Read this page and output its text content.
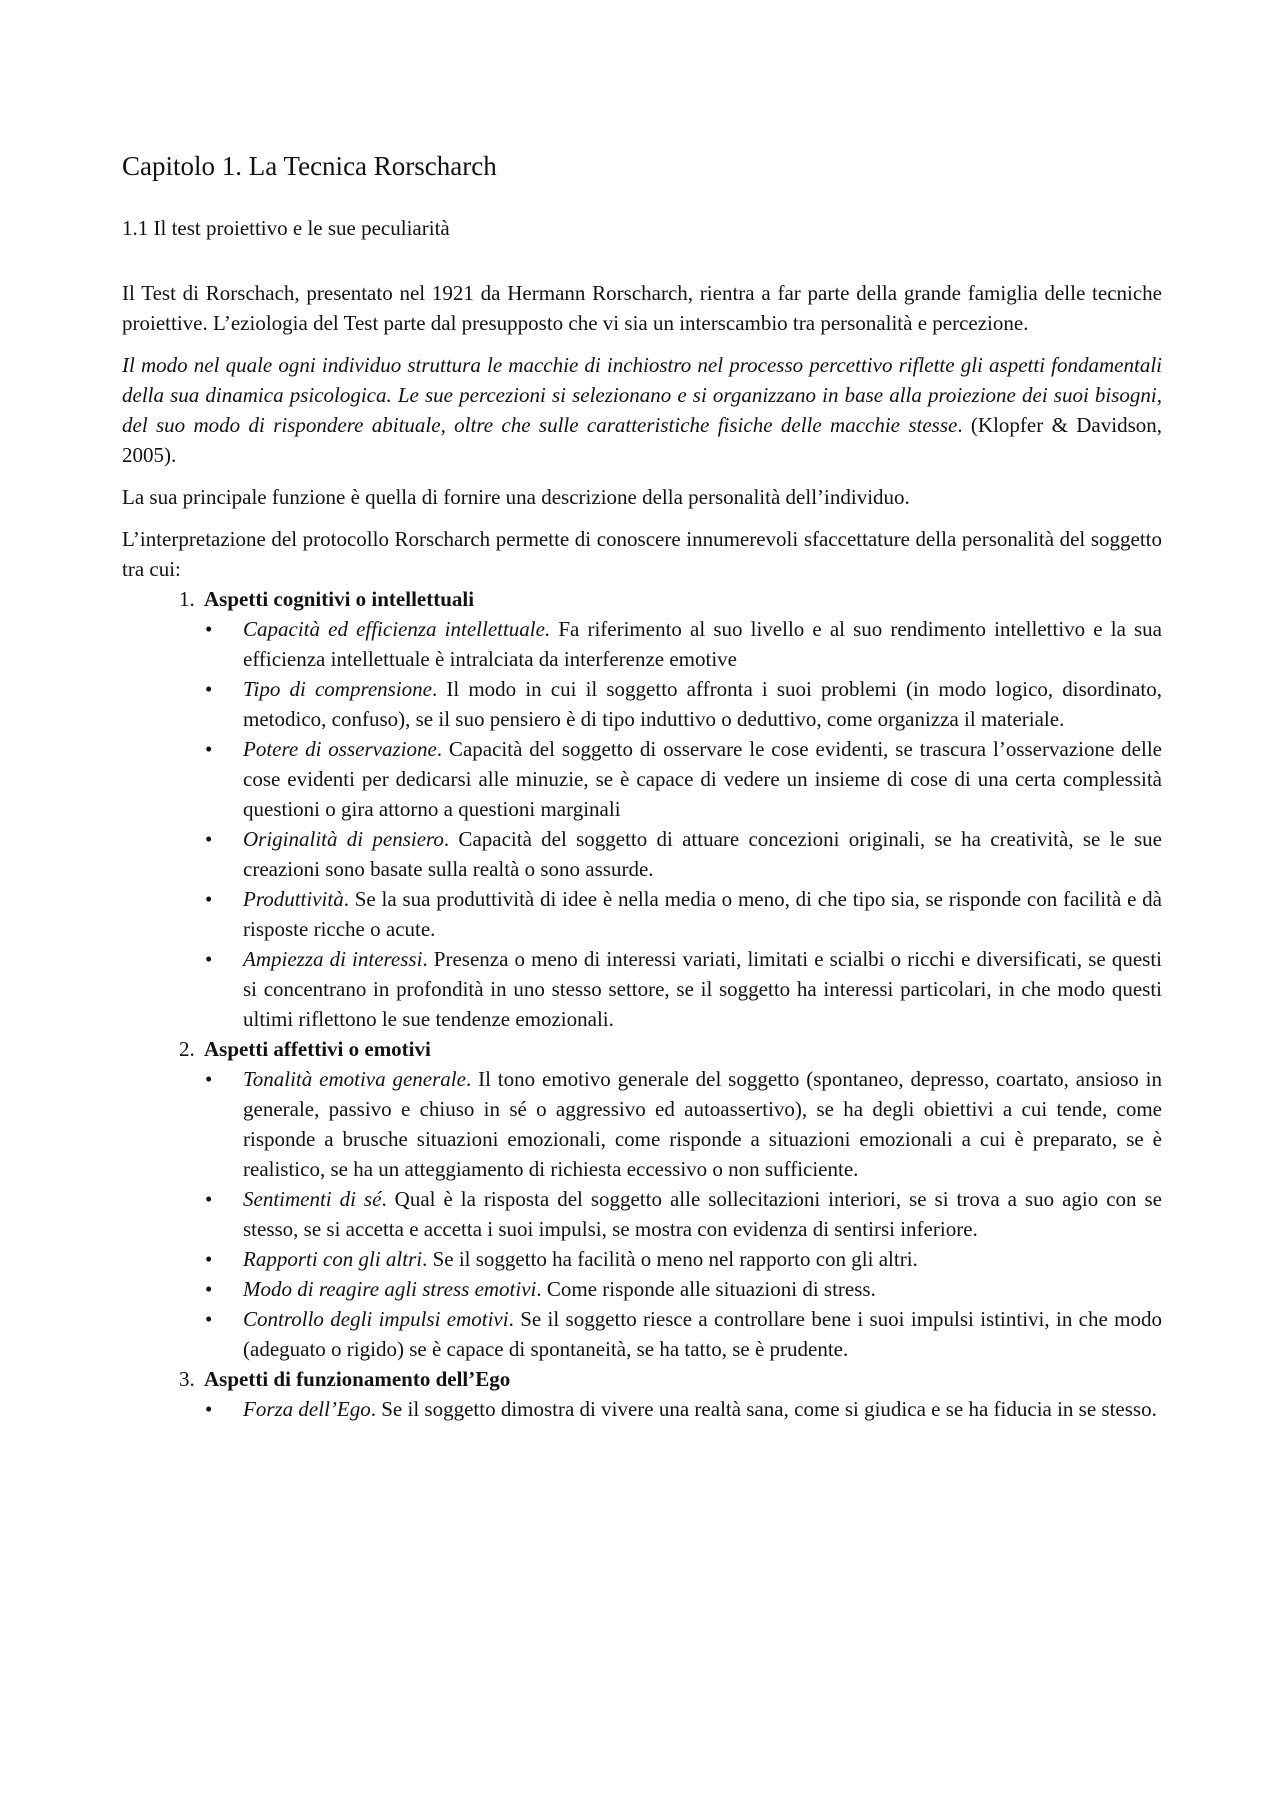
Capitolo 1. La Tecnica Rorscharch
1.1 Il test proiettivo e le sue peculiarità

Il Test di Rorschach, presentato nel 1921 da Hermann Rorscharch, rientra a far parte della grande famiglia delle tecniche proiettive. L’eziologia del Test parte dal presupposto che vi sia un interscambio tra personalità e percezione.

Il modo nel quale ogni individuo struttura le macchie di inchiostro nel processo percettivo riflette gli aspetti fondamentali della sua dinamica psicologica. Le sue percezioni si selezionano e si organizzano in base alla proiezione dei suoi bisogni, del suo modo di rispondere abituale, oltre che sulle caratteristiche fisiche delle macchie stesse. (Klopfer & Davidson, 2005).

La sua principale funzione è quella di fornire una descrizione della personalità dell’individuo.

L’interpretazione del protocollo Rorscharch permette di conoscere innumerevoli sfaccettature della personalità del soggetto tra cui:

1. Aspetti cognitivi o intellettuali
• Capacità ed efficienza intellettuale. Fa riferimento al suo livello e al suo rendimento intellettivo e la sua efficienza intellettuale è intralciata da interferenze emotive
• Tipo di comprensione. Il modo in cui il soggetto affronta i suoi problemi (in modo logico, disordinato, metodico, confuso), se il suo pensiero è di tipo induttivo o deduttivo, come organizza il materiale.
• Potere di osservazione. Capacità del soggetto di osservare le cose evidenti, se trascura l’osservazione delle cose evidenti per dedicarsi alle minuzie, se è capace di vedere un insieme di cose di una certa complessità questioni o gira attorno a questioni marginali
• Originalità di pensiero. Capacità del soggetto di attuare concezioni originali, se ha creatività, se le sue creazioni sono basate sulla realtà o sono assurde.
• Produttività. Se la sua produttività di idee è nella media o meno, di che tipo sia, se risponde con facilità e dà risposte ricche o acute.
• Ampiezza di interessi. Presenza o meno di interessi variati, limitati e scialbi o ricchi e diversificati, se questi si concentrano in profondità in uno stesso settore, se il soggetto ha interessi particolari, in che modo questi ultimi riflettono le sue tendenze emozionali.
2. Aspetti affettivi o emotivi
• Tonalità emotiva generale. Il tono emotivo generale del soggetto (spontaneo, depresso, coartato, ansioso in generale, passivo e chiuso in sé o aggressivo ed autoassertivo), se ha degli obiettivi a cui tende, come risponde a brusche situazioni emozionali, come risponde a situazioni emozionali a cui è preparato, se è realistico, se ha un atteggiamento di richiesta eccessivo o non sufficiente.
• Sentimenti di sé. Qual è la risposta del soggetto alle sollecitazioni interiori, se si trova a suo agio con se stesso, se si accetta e accetta i suoi impulsi, se mostra con evidenza di sentirsi inferiore.
• Rapporti con gli altri. Se il soggetto ha facilità o meno nel rapporto con gli altri.
• Modo di reagire agli stress emotivi. Come risponde alle situazioni di stress.
• Controllo degli impulsi emotivi. Se il soggetto riesce a controllare bene i suoi impulsi istintivi, in che modo (adeguato o rigido) se è capace di spontaneità, se ha tatto, se è prudente.
3. Aspetti di funzionamento dell’Ego
• Forza dell’Ego. Se il soggetto dimostra di vivere una realtà sana, come si giudica e se ha fiducia in se stesso.
